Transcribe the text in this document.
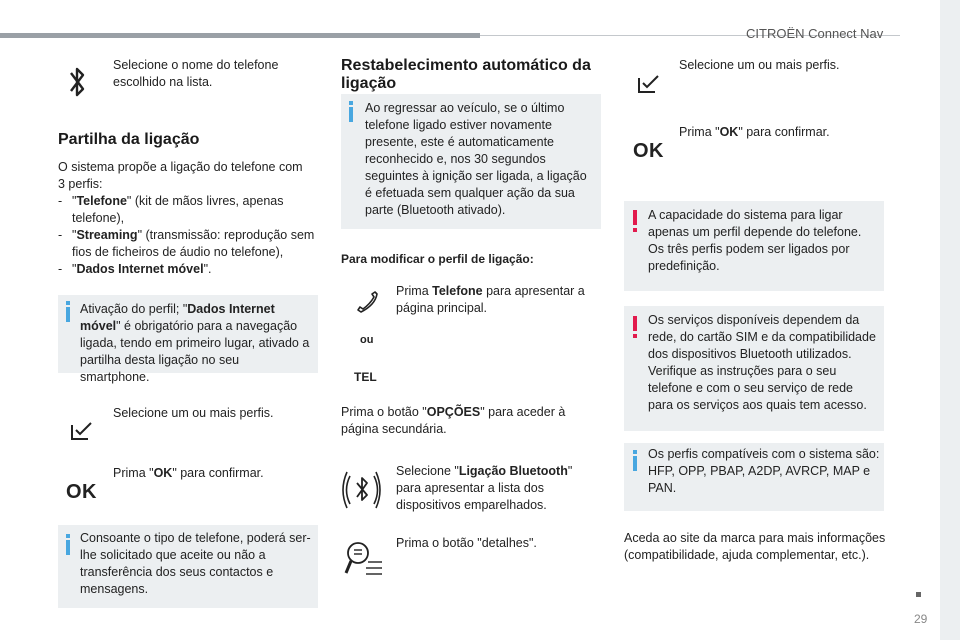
CITROËN Connect Nav
29
Selecione o nome do telefone escolhido na lista.
Partilha da ligação
O sistema propõe a ligação do telefone com
3 perfis:
- "Telefone" (kit de mãos livres, apenas telefone),
- "Streaming" (transmissão: reprodução sem fios de ficheiros de áudio no telefone),
- "Dados Internet móvel".
Ativação do perfil; "Dados Internet móvel" é obrigatório para a navegação ligada, tendo em primeiro lugar, ativado a partilha desta ligação no seu smartphone.
Selecione um ou mais perfis.
OK
Prima "OK" para confirmar.
Consoante o tipo de telefone, poderá ser-lhe solicitado que aceite ou não a transferência dos seus contactos e mensagens.
Restabelecimento automático da ligação
Ao regressar ao veículo, se o último telefone ligado estiver novamente presente, este é automaticamente reconhecido e, nos 30 segundos seguintes à ignição ser ligada, a ligação é efetuada sem qualquer ação da sua parte (Bluetooth ativado).
Para modificar o perfil de ligação:
Prima Telefone para apresentar a página principal.
ou
TEL
Prima o botão "OPÇÕES" para aceder à página secundária.
Selecione "Ligação Bluetooth" para apresentar a lista dos dispositivos emparelhados.
Prima o botão "detalhes".
Selecione um ou mais perfis.
OK
Prima "OK" para confirmar.
A capacidade do sistema para ligar apenas um perfil depende do telefone. Os três perfis podem ser ligados por predefinição.
Os serviços disponíveis dependem da rede, do cartão SIM e da compatibilidade dos dispositivos Bluetooth utilizados. Verifique as instruções para o seu telefone e com o seu serviço de rede para os serviços aos quais tem acesso.
Os perfis compatíveis com o sistema são: HFP, OPP, PBAP, A2DP, AVRCP, MAP e PAN.
Aceda ao site da marca para mais informações (compatibilidade, ajuda complementar, etc.).
